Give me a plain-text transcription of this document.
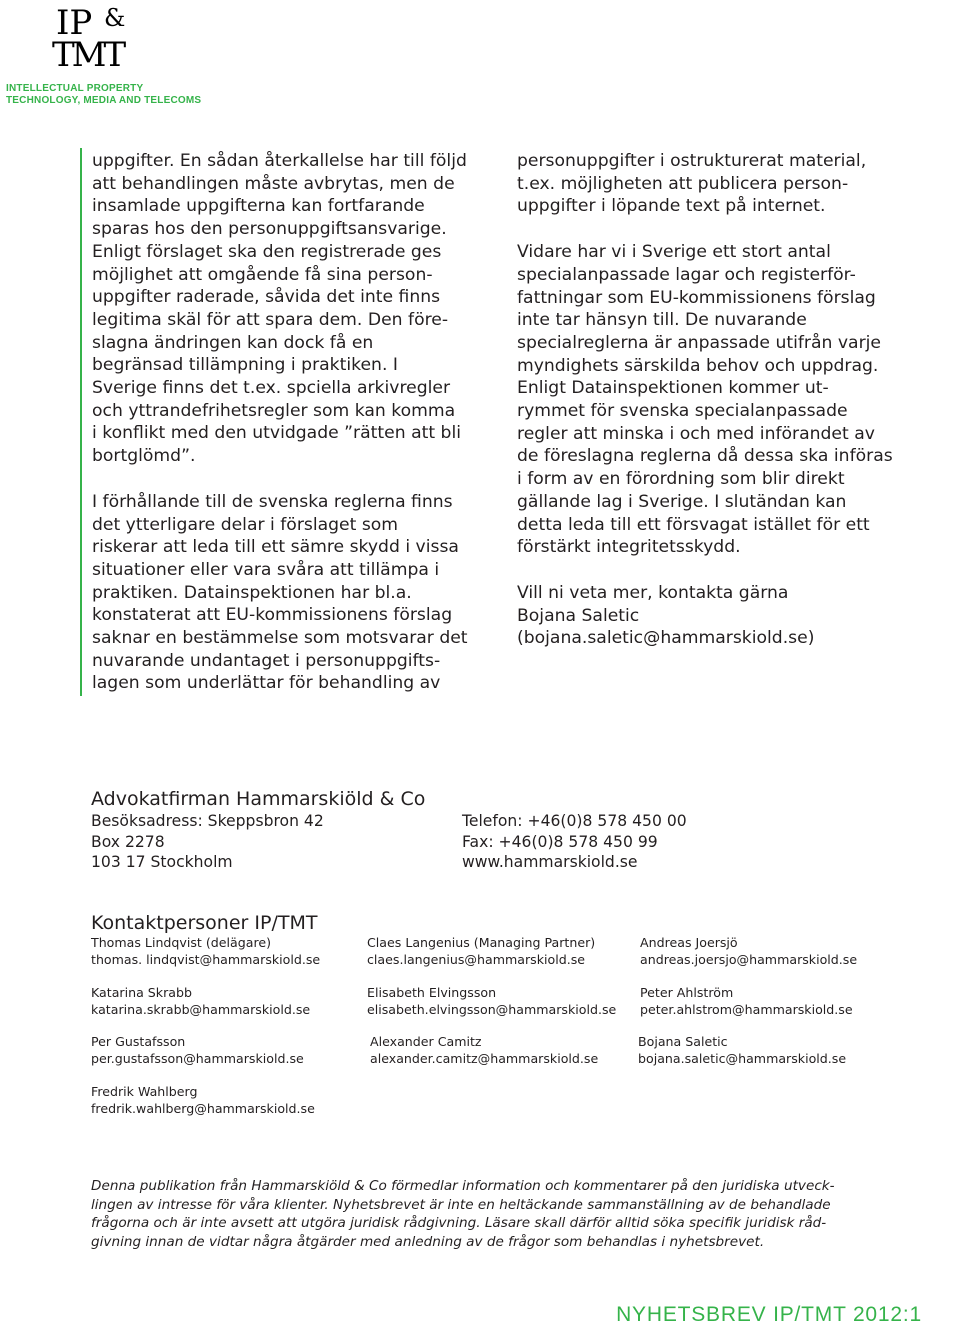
IP &
TMT
INTELLECTUAL PROPERTY
TECHNOLOGY, MEDIA AND TELECOMS

uppgifter. En sådan återkallelse har till följd

att behandlingen måste avbrytas, men de

insamlade uppgifterna kan fortfarande

sparas hos den personuppgiftsansvarige.

Enligt förslaget ska den registrerade ges

möjlighet att omgående få sina person-

uppgifter raderade, såvida det inte finns

legitima skäl för att spara dem. Den före-

slagna ändringen kan dock få en

begränsad tillämpning i praktiken. I

Sverige finns det t.ex. spciella arkivregler

och yttrandefrihetsregler som kan komma

i konflikt med den utvidgade ”rätten att bli

bortglömd”.

I förhållande till de svenska reglerna finns

det ytterligare delar i förslaget som

riskerar att leda till ett sämre skydd i vissa

situationer eller vara svåra att tillämpa i

praktiken. Datainspektionen har bl.a.

konstaterat att EU-kommissionens förslag

saknar en bestämmelse som motsvarar det

nuvarande undantaget i personuppgifts-

lagen som underlättar för behandling av

personuppgifter i ostrukturerat material,

t.ex. möjligheten att publicera person-

uppgifter i löpande text på internet.

Vidare har vi i Sverige ett stort antal

specialanpassade lagar och registerför-

fattningar som EU-kommissionens förslag

inte tar hänsyn till. De nuvarande

specialreglerna är anpassade utifrån varje

myndighets särskilda behov och uppdrag.

Enligt Datainspektionen kommer ut-

rymmet för svenska specialanpassade

regler att minska i och med införandet av

de föreslagna reglerna då dessa ska införas

i form av en förordning som blir direkt

gällande lag i Sverige. I slutändan kan

detta leda till ett försvagat istället för ett

förstärkt integritetsskydd.

Vill ni veta mer, kontakta gärna

Bojana Saletic

(bojana.saletic@hammarskiold.se)

Advokatfirman Hammarskiöld & Co

Besöksadress: Skeppsbron 42

Box 2278

103 17 Stockholm

Telefon: +46(0)8 578 450 00

Fax: +46(0)8 578 450 99

www.hammarskiold.se

Kontaktpersoner IP/TMT

Thomas Lindqvist (delägare)

thomas. lindqvist@hammarskiold.se

Claes Langenius (Managing Partner)

claes.langenius@hammarskiold.se

Andreas Joersjö

andreas.joersjo@hammarskiold.se

Katarina Skrabb

katarina.skrabb@hammarskiold.se

Elisabeth Elvingsson

elisabeth.elvingsson@hammarskiold.se

Peter Ahlström

peter.ahlstrom@hammarskiold.se

Per Gustafsson

per.gustafsson@hammarskiold.se

Alexander Camitz

alexander.camitz@hammarskiold.se

Bojana Saletic

bojana.saletic@hammarskiold.se

Fredrik Wahlberg

fredrik.wahlberg@hammarskiold.se

Denna publikation från Hammarskiöld & Co förmedlar information och kommentarer på den juridiska utveck-

lingen av intresse för våra klienter. Nyhetsbrevet är inte en heltäckande sammanställning av de behandlade

frågorna och är inte avsett att utgöra juridisk rådgivning. Läsare skall därför alltid söka specifik juridisk råd-

givning innan de vidtar några åtgärder med anledning av de frågor som behandlas i nyhetsbrevet.

NYHETSBREV IP/TMT 2012:1
